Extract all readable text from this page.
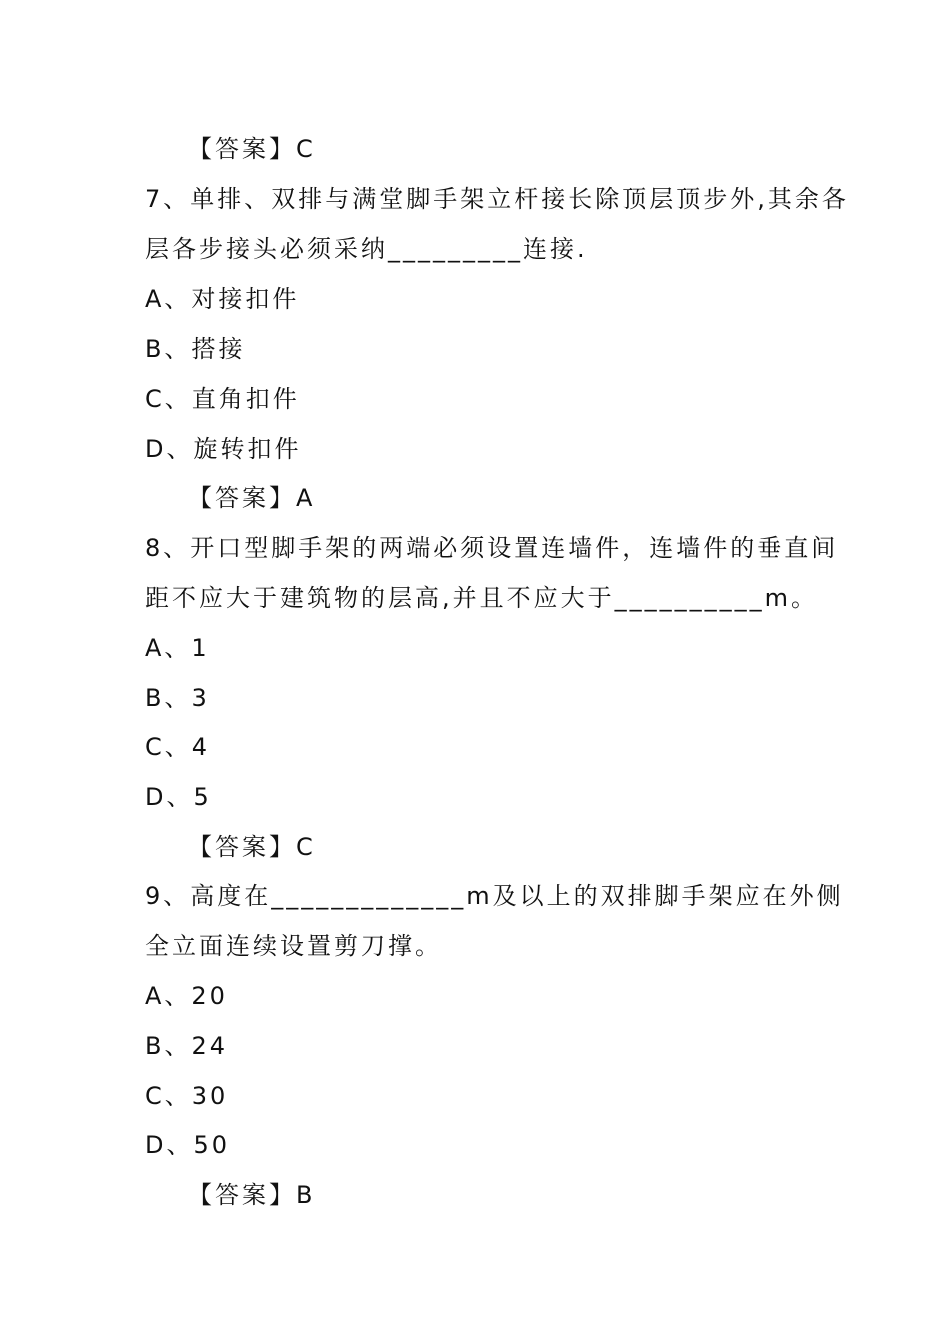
【答案】C
7、单排、双排与满堂脚手架立杆接长除顶层顶步外,其余各
层各步接头必须采纳_________连接.
A、对接扣件
B、搭接
C、直角扣件
D、旋转扣件
【答案】A
8、开口型脚手架的两端必须设置连墙件，连墙件的垂直间
距不应大于建筑物的层高,并且不应大于__________m。
A、1
B、3
C、4
D、5
【答案】C
9、高度在_____________m及以上的双排脚手架应在外侧
全立面连续设置剪刀撑。
A、20
B、24
C、30
D、50
【答案】B
